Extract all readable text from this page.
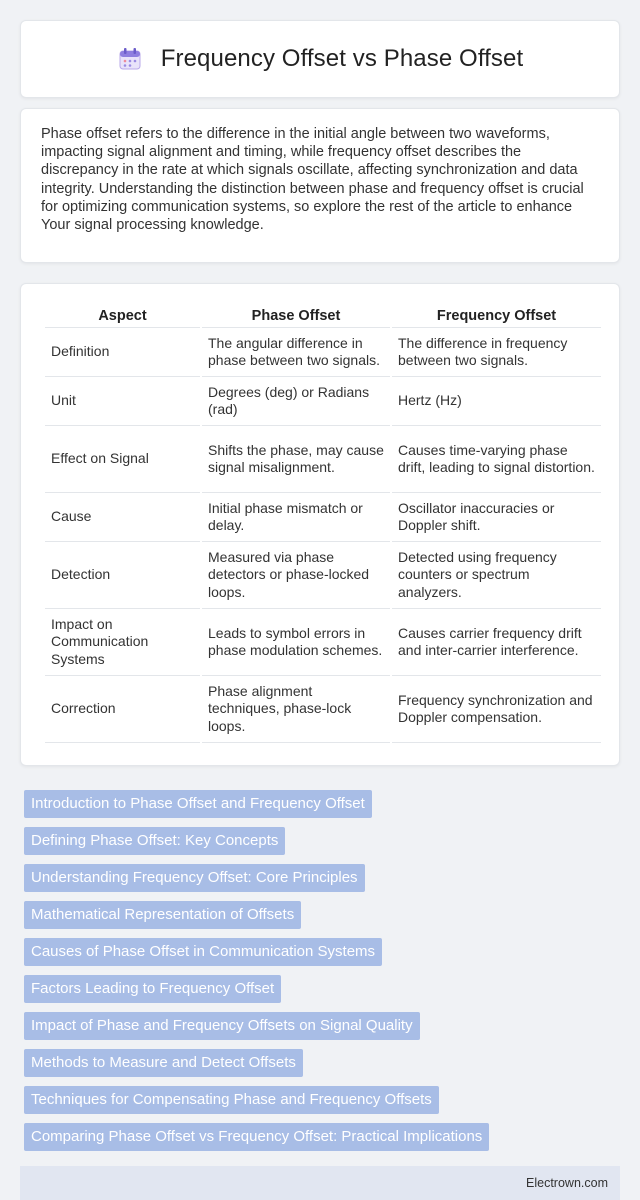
Frequency Offset vs Phase Offset

Phase offset refers to the difference in the initial angle between two waveforms, impacting signal alignment and timing, while frequency offset describes the discrepancy in the rate at which signals oscillate, affecting synchronization and data integrity. Understanding the distinction between phase and frequency offset is crucial for optimizing communication systems, so explore the rest of the article to enhance Your signal processing knowledge.

Aspect	Phase Offset	Frequency Offset
Definition	The angular difference in phase between two signals.	The difference in frequency between two signals.
Unit	Degrees (deg) or Radians (rad)	Hertz (Hz)
Effect on Signal	Shifts the phase, may cause signal misalignment.	Causes time-varying phase drift, leading to signal distortion.
Cause	Initial phase mismatch or delay.	Oscillator inaccuracies or Doppler shift.
Detection	Measured via phase detectors or phase-locked loops.	Detected using frequency counters or spectrum analyzers.
Impact on Communication Systems	Leads to symbol errors in phase modulation schemes.	Causes carrier frequency drift and inter-carrier interference.
Correction	Phase alignment techniques, phase-lock loops.	Frequency synchronization and Doppler compensation.
Introduction to Phase Offset and Frequency Offset
Defining Phase Offset: Key Concepts
Understanding Frequency Offset: Core Principles
Mathematical Representation of Offsets
Causes of Phase Offset in Communication Systems
Factors Leading to Frequency Offset
Impact of Phase and Frequency Offsets on Signal Quality
Methods to Measure and Detect Offsets
Techniques for Compensating Phase and Frequency Offsets
Comparing Phase Offset vs Frequency Offset: Practical Implications
Electrown.com
